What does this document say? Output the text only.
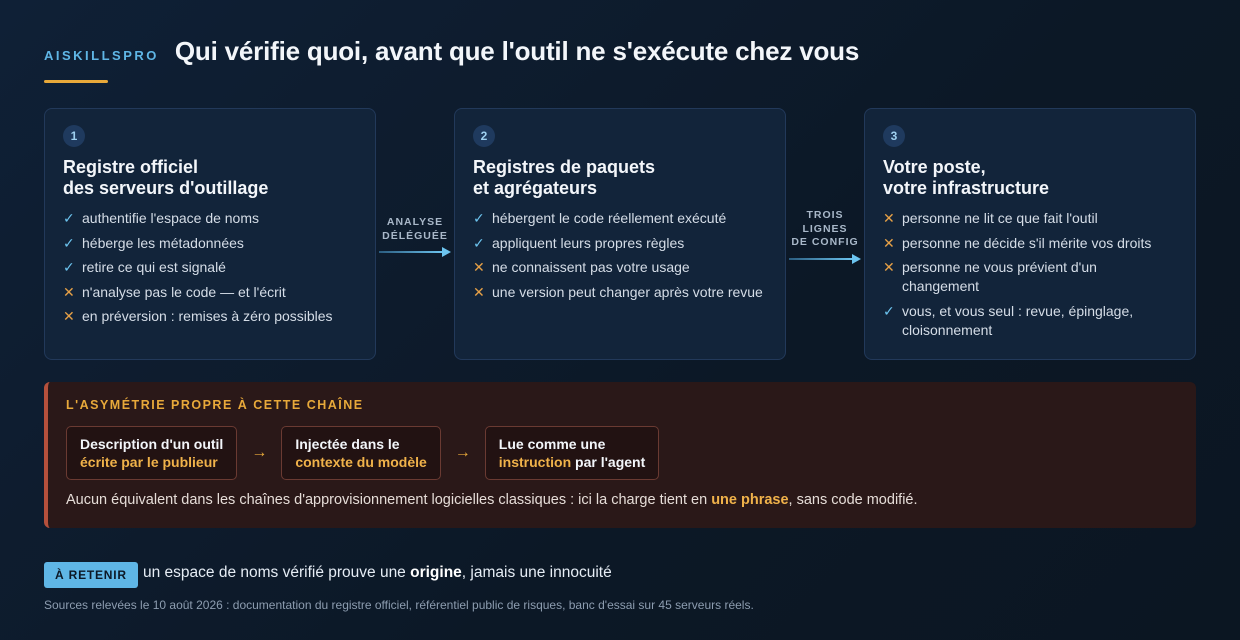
AISKILLSPRO Qui vérifie quoi, avant que l'outil ne s'exécute chez vous
1
Registre officiel
des serveurs d'outillage
✓ authentifie l'espace de noms
✓ héberge les métadonnées
✓ retire ce qui est signalé
✕ n'analyse pas le code — et l'écrit
✕ en préversion : remises à zéro possibles
ANALYSE
DÉLÉGUÉE
2
Registres de paquets
et agrégateurs
✓ hébergent le code réellement exécuté
✓ appliquent leurs propres règles
✕ ne connaissent pas votre usage
✕ une version peut changer après votre revue
TROIS
LIGNES
DE CONFIG
3
Votre poste,
votre infrastructure
✕ personne ne lit ce que fait l'outil
✕ personne ne décide s'il mérite vos droits
✕ personne ne vous prévient d'un changement
✓ vous, et vous seul : revue, épinglage, cloisonnement
L'ASYMÉTRIE PROPRE À CETTE CHAÎNE
Description d'un outil
écrite par le publieur
→ Injectée dans le
contexte du modèle
→ Lue comme une
instruction par l'agent
Aucun équivalent dans les chaînes d'approvisionnement logicielles classiques : ici la charge tient en une phrase, sans code modifié.
À RETENIR	un espace de noms vérifié prouve une origine, jamais une innocuité
Sources relevées le 10 août 2026 : documentation du registre officiel, référentiel public de risques, banc d'essai sur 45 serveurs réels.
